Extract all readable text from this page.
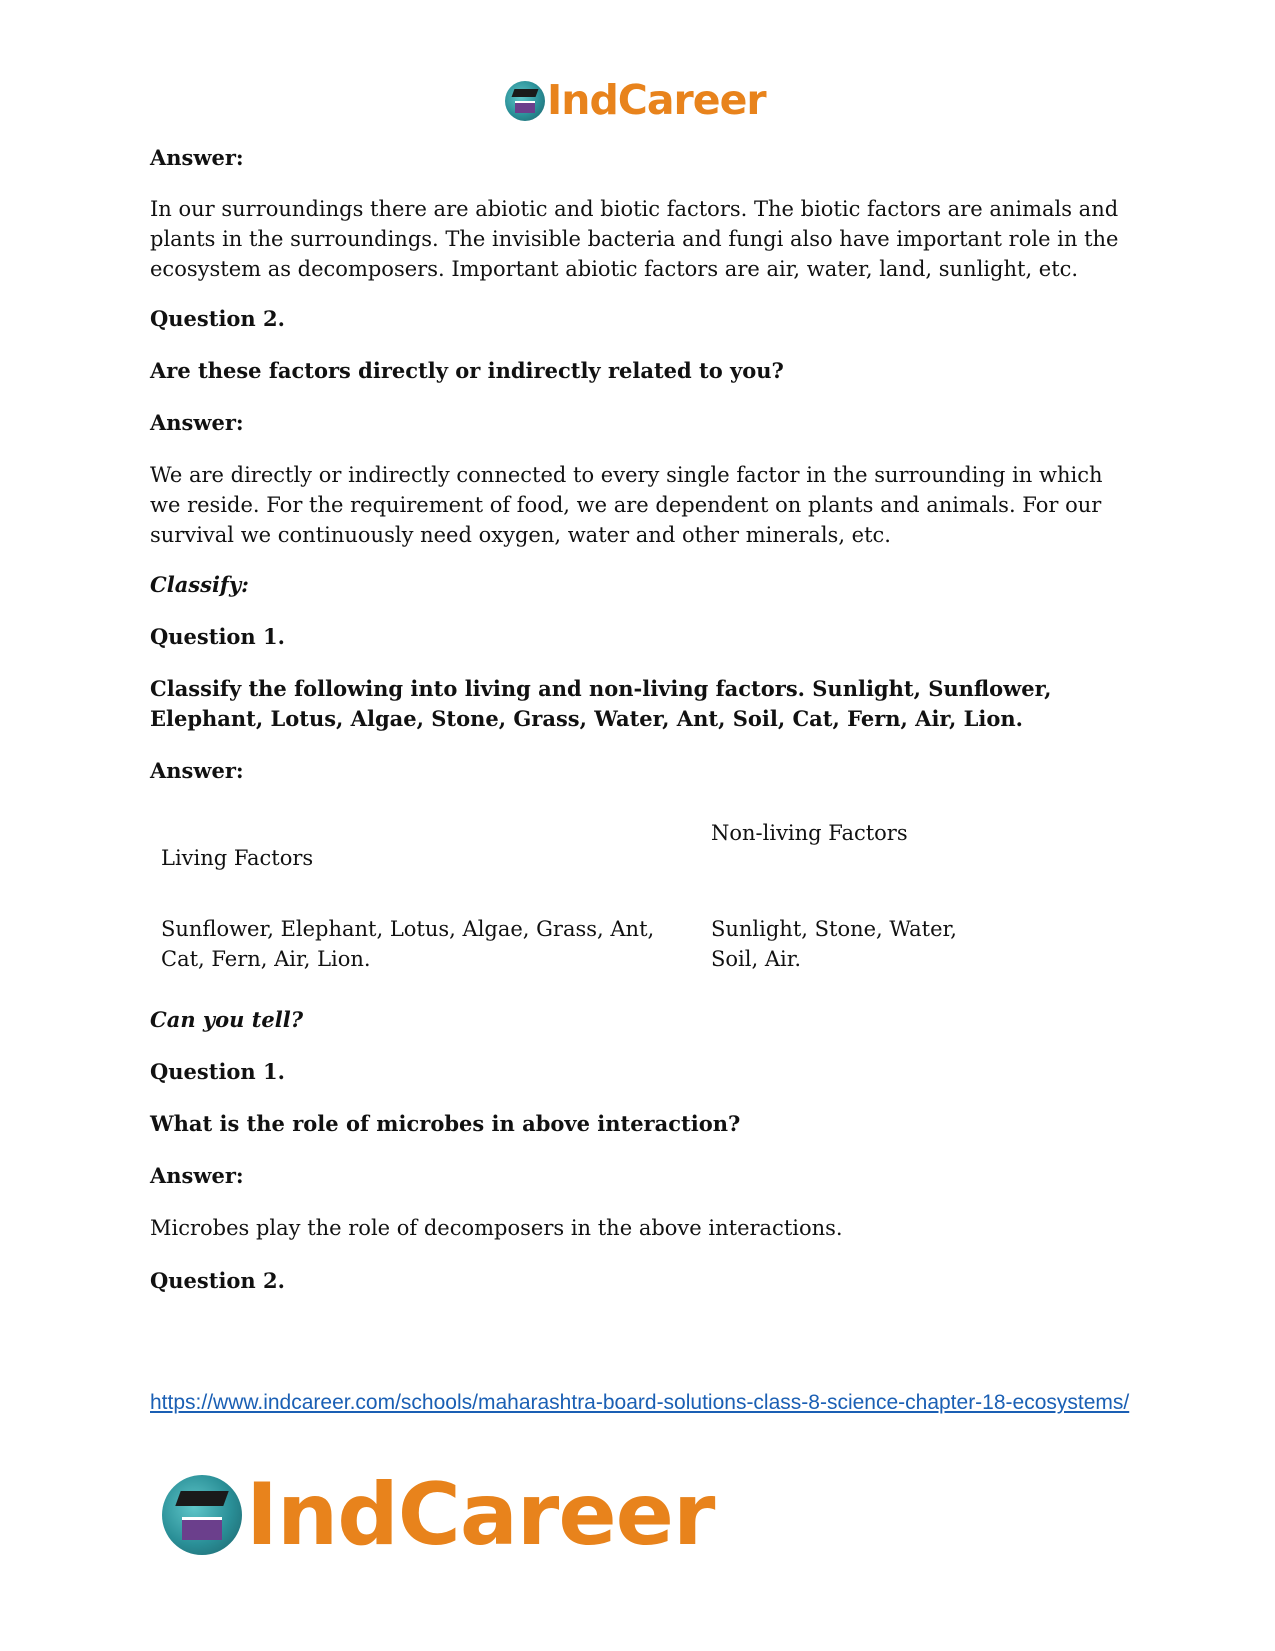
IndCareer

Answer:

In our surroundings there are abiotic and biotic factors. The biotic factors are animals and plants in the surroundings. The invisible bacteria and fungi also have important role in the ecosystem as decomposers. Important abiotic factors are air, water, land, sunlight, etc.

Question 2.

Are these factors directly or indirectly related to you?

Answer:

We are directly or indirectly connected to every single factor in the surrounding in which we reside. For the requirement of food, we are dependent on plants and animals. For our survival we continuously need oxygen, water and other minerals, etc.

Classify:

Question 1.

Classify the following into living and non-living factors. Sunlight, Sunflower, Elephant, Lotus, Algae, Stone, Grass, Water, Ant, Soil, Cat, Fern, Air, Lion.

Answer:

Living Factors
Non-living Factors
Sunflower, Elephant, Lotus, Algae, Grass, Ant, Cat, Fern, Air, Lion.
Sunlight, Stone, Water, Soil, Air.

Can you tell?

Question 1.

What is the role of microbes in above interaction?

Answer:

Microbes play the role of decomposers in the above interactions.

Question 2.

https://www.indcareer.com/schools/maharashtra-board-solutions-class-8-science-chapter-18-ecosystems/
IndCareer
